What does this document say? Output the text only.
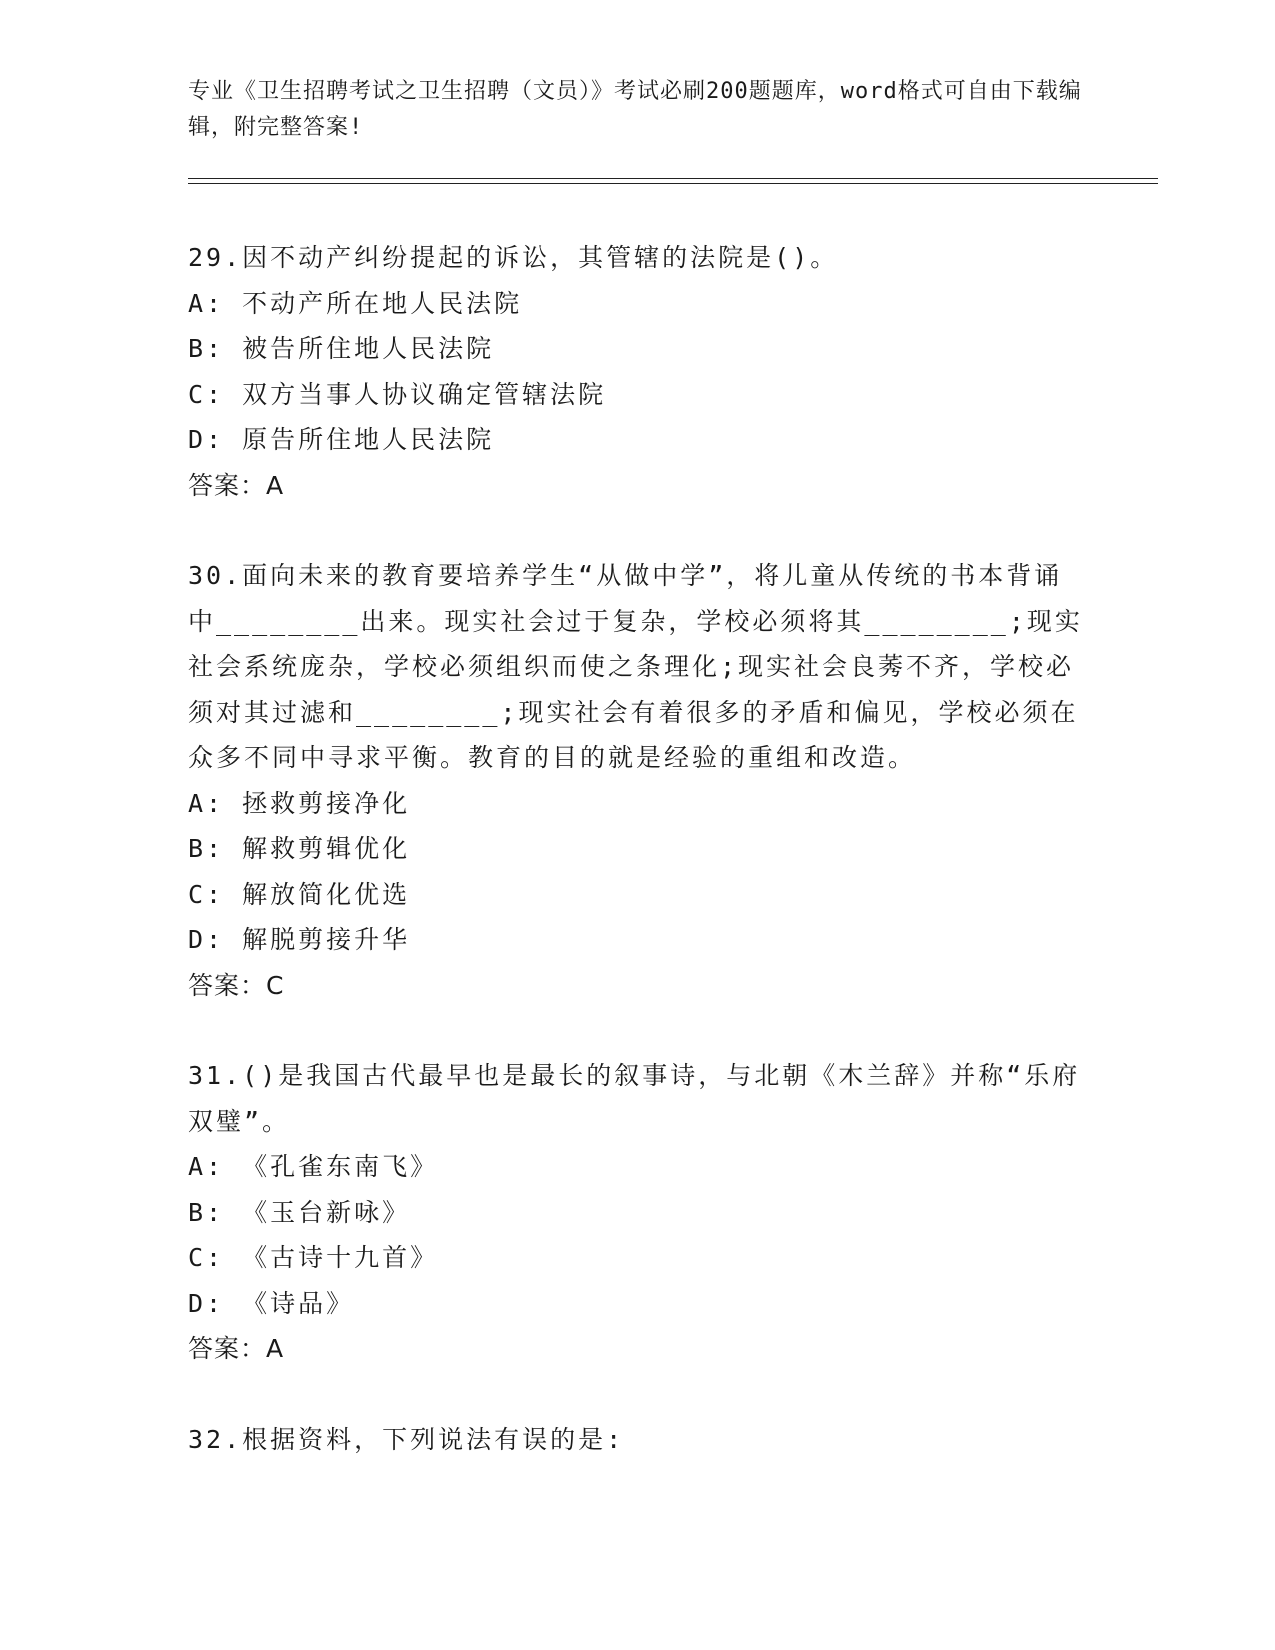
专业《卫生招聘考试之卫生招聘（文员）》考试必刷200题题库，word格式可自由下载编辑，附完整答案!
29.因不动产纠纷提起的诉讼，其管辖的法院是()。
A: 不动产所在地人民法院
B: 被告所住地人民法院
C: 双方当事人协议确定管辖法院
D: 原告所住地人民法院
答案：A
30.面向未来的教育要培养学生“从做中学”，将儿童从传统的书本背诵中________出来。现实社会过于复杂，学校必须将其________;现实社会系统庞杂，学校必须组织而使之条理化;现实社会良莠不齐，学校必须对其过滤和________;现实社会有着很多的矛盾和偏见，学校必须在众多不同中寻求平衡。教育的目的就是经验的重组和改造。
A: 拯救剪接净化
B: 解救剪辑优化
C: 解放简化优选
D: 解脱剪接升华
答案：C
31.()是我国古代最早也是最长的叙事诗，与北朝《木兰辞》并称“乐府双璧”。
A: 《孔雀东南飞》
B: 《玉台新咏》
C: 《古诗十九首》
D: 《诗品》
答案：A
32.根据资料，下列说法有误的是:
